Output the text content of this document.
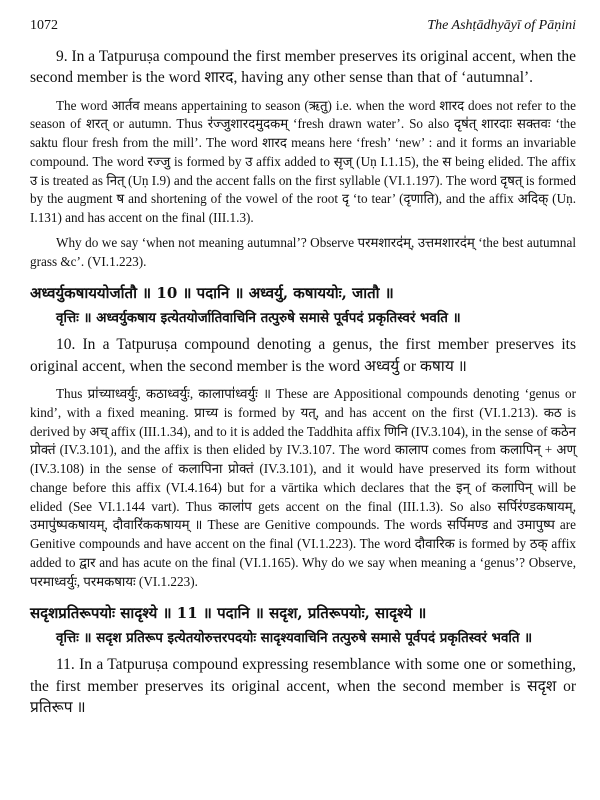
1072	The Ashṭādhyāyī of Pāṇini

9. In a Tatpuruṣa compound the first member preserves its original accent, when the second member is the word शारद, having any other sense than that of ‘autumnal’.

The word आर्तव means appertaining to season (ऋतु) i.e. when the word शारद does not refer to the season of शरत् or autumn. Thus र॑ज्जुशारदमुदकम् ‘fresh drawn water’. So also दृष॑त् शारदाः सक्तवः ‘the saktu flour fresh from the mill’. The word शारद means here ‘fresh’ ‘new’ : and it forms an invariable compound. The word रज्जु is formed by उ affix added to सृज् (Uṇ I.1.15), the स being elided. The affix उ is treated as नित् (Uṇ I.9) and the accent falls on the first syllable (VI.1.197). The word दृषत् is formed by the augment ष and shortening of the vowel of the root दृ ‘to tear’ (दृणाति), and the affix अदिक् (Uṇ. I.131) and has accent on the final (III.1.3).

Why do we say ‘when not meaning autumnal’? Observe परमशारद॑म्, उत्तमशारद॑म् ‘the best autumnal grass &c’. (VI.1.223).

अध्वर्युकषाययोर्जातौ ॥ 10 ॥ पदानि ॥ अध्वर्यु, कषाययोः, जातौ ॥

वृत्तिः ॥ अध्वर्युकषाय इत्येतयोर्जातिवाचिनि तत्पुरुषे समासे पूर्वपदं प्रकृतिस्वरं भवति ॥

10. In a Tatpuruṣa compound denoting a genus, the first member preserves its original accent, when the second member is the word अध्वर्यु or कषाय ॥

Thus प्रा॑च्याध्वर्युः, कठाध्वर्युः, कालापा॑ध्वर्युः ॥ These are Appositional compounds denoting ‘genus or kind’, with a fixed meaning. प्राच्य is formed by यत्, and has accent on the first (VI.1.213). कठ is derived by अच् affix (III.1.34), and to it is added the Taddhita affix णिनि (IV.3.104), in the sense of कठेन प्रोक्तं (IV.3.101), and the affix is then elided by IV.3.107. The word कालाप comes from कलापिन् + अण् (IV.3.108) in the sense of कलापिना प्रोक्तं (IV.3.101), and it would have preserved its form without change before this affix (VI.4.164) but for a vārtika which declares that the इन् of कलापिन् will be elided (See VI.1.144 vart). Thus काला॑प gets accent on the final (III.1.3). So also सर्पिर॑ण्डकषायम्, उमापु॑ष्पकषायम्, दौवारि॑ककषायम् ॥ These are Genitive compounds. The words सर्पिमण्ड and उमापुष्प are Genitive compounds and have accent on the final (VI.1.223). The word दौवारिक is formed by ठक् affix added to द्वार and has acute on the final (VI.1.165). Why do we say when meaning a ‘genus’? Observe, परमाध्वर्युः, परमकषायः (VI.1.223).

सदृशप्रतिरूपयोः सादृश्ये ॥ 11 ॥ पदानि ॥ सदृश, प्रतिरूपयोः, सादृश्ये ॥

वृत्तिः ॥ सदृश प्रतिरूप इत्येतयोरुत्तरपदयोः सादृश्यवाचिनि तत्पुरुषे समासे पूर्वपदं प्रकृतिस्वरं भवति ॥

11. In a Tatpuruṣa compound expressing resemblance with some one or something, the first member preserves its original accent, when the second member is सदृश or प्रतिरूप ॥
